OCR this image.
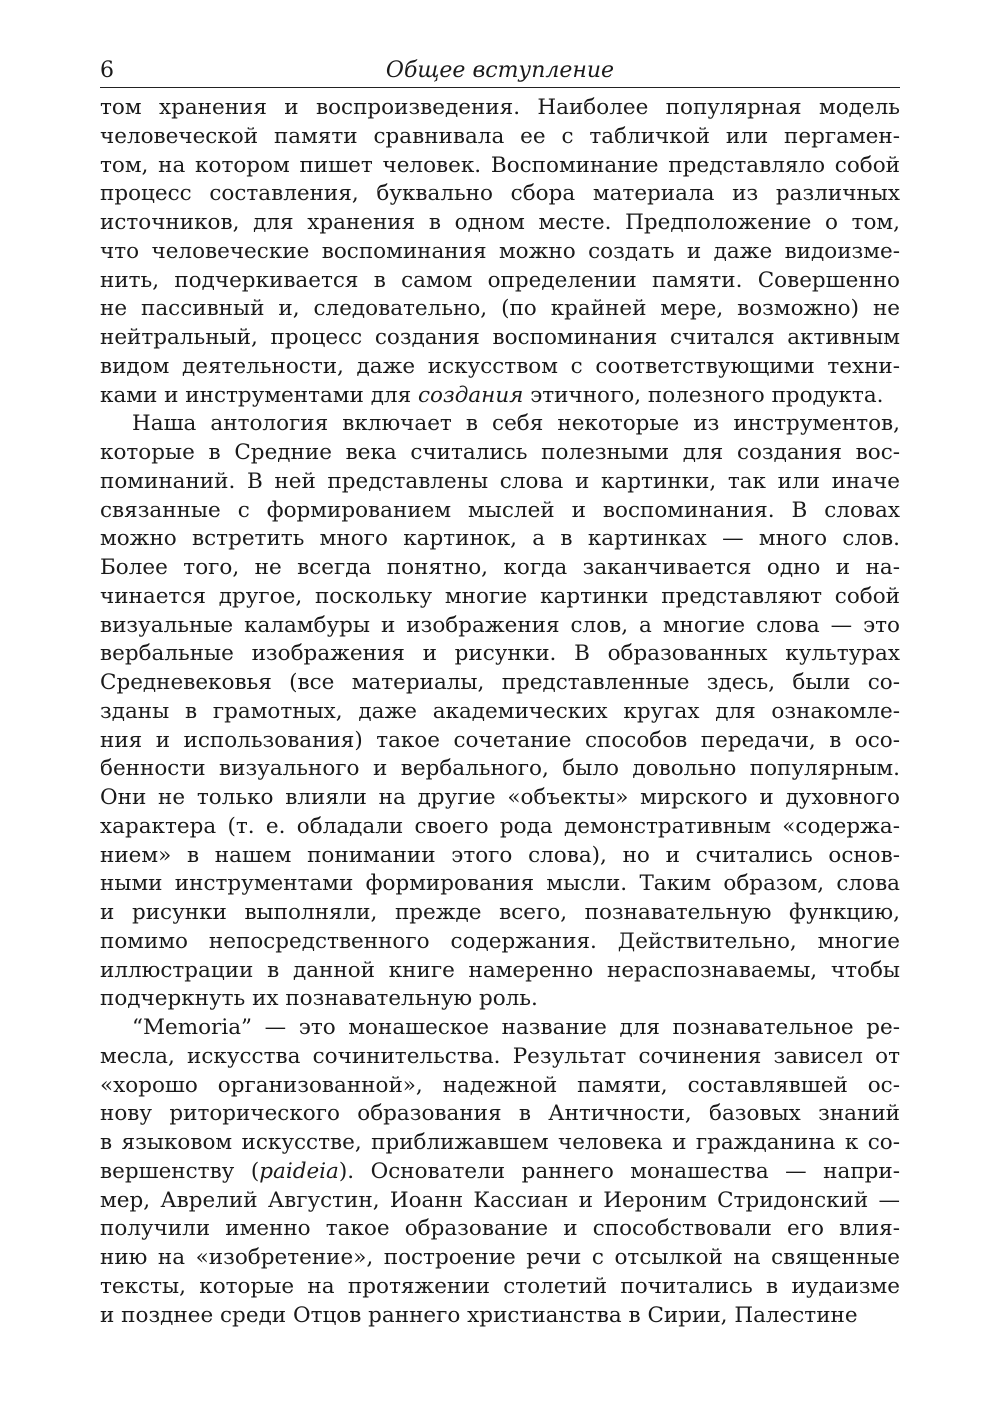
6	Общее вступление
том хранения и воспроизведения. Наиболее популярная модель
человеческой памяти сравнивала ее с табличкой или пергамен-
том, на котором пишет человек. Воспоминание представляло собой
процесс составления, буквально сбора материала из различных
источников, для хранения в одном месте. Предположение о том,
что человеческие воспоминания можно создать и даже видоизме-
нить, подчеркивается в самом определении памяти. Совершенно
не пассивный и, следовательно, (по крайней мере, возможно) не
нейтральный, процесс создания воспоминания считался активным
видом деятельности, даже искусством с соответствующими техни-
ками и инструментами для создания этичного, полезного продукта.
Наша антология включает в себя некоторые из инструментов,
которые в Средние века считались полезными для создания вос-
поминаний. В ней представлены слова и картинки, так или иначе
связанные с формированием мыслей и воспоминания. В словах
можно встретить много картинок, а в картинках — много слов.
Более того, не всегда понятно, когда заканчивается одно и на-
чинается другое, поскольку многие картинки представляют собой
визуальные каламбуры и изображения слов, а многие слова — это
вербальные изображения и рисунки. В образованных культурах
Средневековья (все материалы, представленные здесь, были со-
зданы в грамотных, даже академических кругах для ознакомле-
ния и использования) такое сочетание способов передачи, в осо-
бенности визуального и вербального, было довольно популярным.
Они не только влияли на другие «объекты» мирского и духовного
характера (т. е. обладали своего рода демонстративным «содержа-
нием» в нашем понимании этого слова), но и считались основ-
ными инструментами формирования мысли. Таким образом, слова
и рисунки выполняли, прежде всего, познавательную функцию,
помимо непосредственного содержания. Действительно, многие
иллюстрации в данной книге намеренно нераспознаваемы, чтобы
подчеркнуть их познавательную роль.
“Memoria” — это монашеское название для познавательное ре-
месла, искусства сочинительства. Результат сочинения зависел от
«хорошо организованной», надежной памяти, составлявшей ос-
нову риторического образования в Античности, базовых знаний
в языковом искусстве, приближавшем человека и гражданина к со-
вершенству (paideia). Основатели раннего монашества — напри-
мер, Аврелий Августин, Иоанн Кассиан и Иероним Стридонский —
получили именно такое образование и способствовали его влия-
нию на «изобретение», построение речи с отсылкой на священные
тексты, которые на протяжении столетий почитались в иудаизме
и позднее среди Отцов раннего христианства в Сирии, Палестине
